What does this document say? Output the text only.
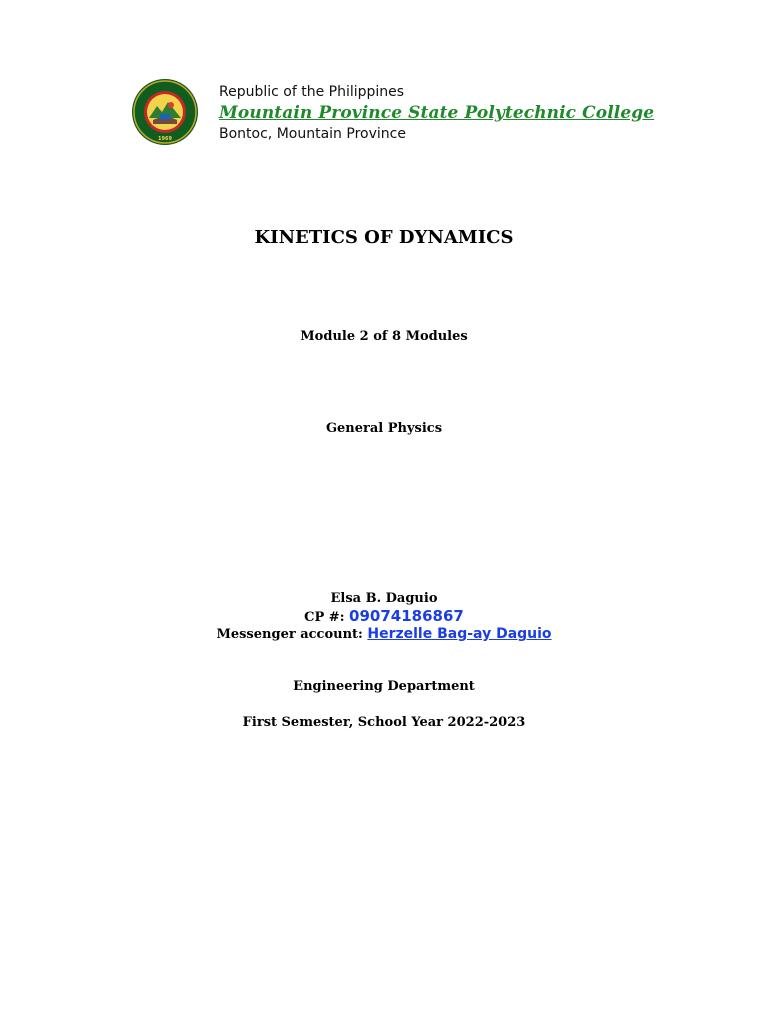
1969
Republic of the Philippines
Mountain Province State Polytechnic College
Bontoc, Mountain Province
KINETICS OF DYNAMICS
Module 2 of 8 Modules
General Physics
Elsa B. Daguio
CP #: 09074186867
Messenger account: Herzelle Bag-ay Daguio
Engineering Department
First Semester, School Year 2022-2023
